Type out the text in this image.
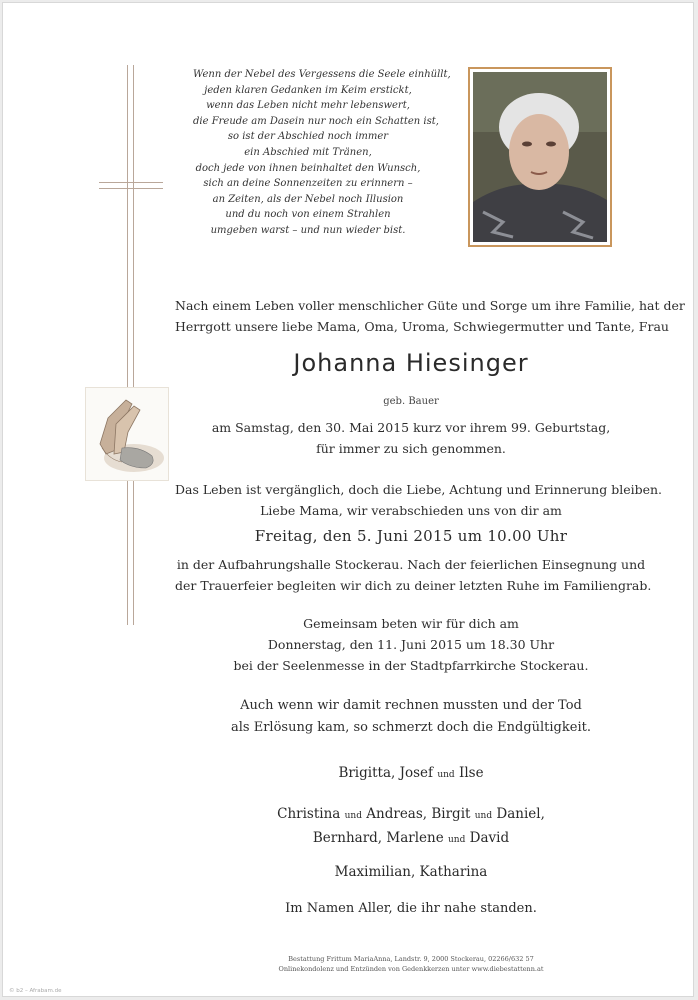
Wenn der Nebel des Vergessens die Seele einhüllt,
jeden klaren Gedanken im Keim erstickt,
wenn das Leben nicht mehr lebenswert,
die Freude am Dasein nur noch ein Schatten ist,
so ist der Abschied noch immer
ein Abschied mit Tränen,
doch jede von ihnen beinhaltet den Wunsch,
sich an deine Sonnenzeiten zu erinnern –
an Zeiten, als der Nebel noch Illusion
und du noch von einem Strahlen
umgeben warst – und nun wieder bist.
Nach einem Leben voller menschlicher Güte und Sorge um ihre Familie, hat der
Herrgott unsere liebe Mama, Oma, Uroma, Schwiegermutter und Tante, Frau
Johanna Hiesinger
geb. Bauer
am Samstag, den 30. Mai 2015 kurz vor ihrem 99. Geburtstag,
für immer zu sich genommen.
Das Leben ist vergänglich, doch die Liebe, Achtung und Erinnerung bleiben.
Liebe Mama, wir verabschieden uns von dir am
Freitag, den 5. Juni 2015 um 10.00 Uhr
in der Aufbahrungshalle Stockerau. Nach der feierlichen Einsegnung und
der Trauerfeier begleiten wir dich zu deiner letzten Ruhe im Familiengrab.
Gemeinsam beten wir für dich am
Donnerstag, den 11. Juni 2015 um 18.30 Uhr
bei der Seelenmesse in der Stadtpfarrkirche Stockerau.
Auch wenn wir damit rechnen mussten und der Tod
als Erlösung kam, so schmerzt doch die Endgültigkeit.
Brigitta, Josef und Ilse
Christina und Andreas, Birgit und Daniel,
Bernhard, Marlene und David
Maximilian, Katharina
Im Namen Aller, die ihr nahe standen.
Bestattung Frittum MariaAnna, Landstr. 9, 2000 Stockerau, 02266/632 57
Onlinekondolenz und Entzünden von Gedenkkerzen unter www.diebestattenn.at
© b2 – Afrabam.de
